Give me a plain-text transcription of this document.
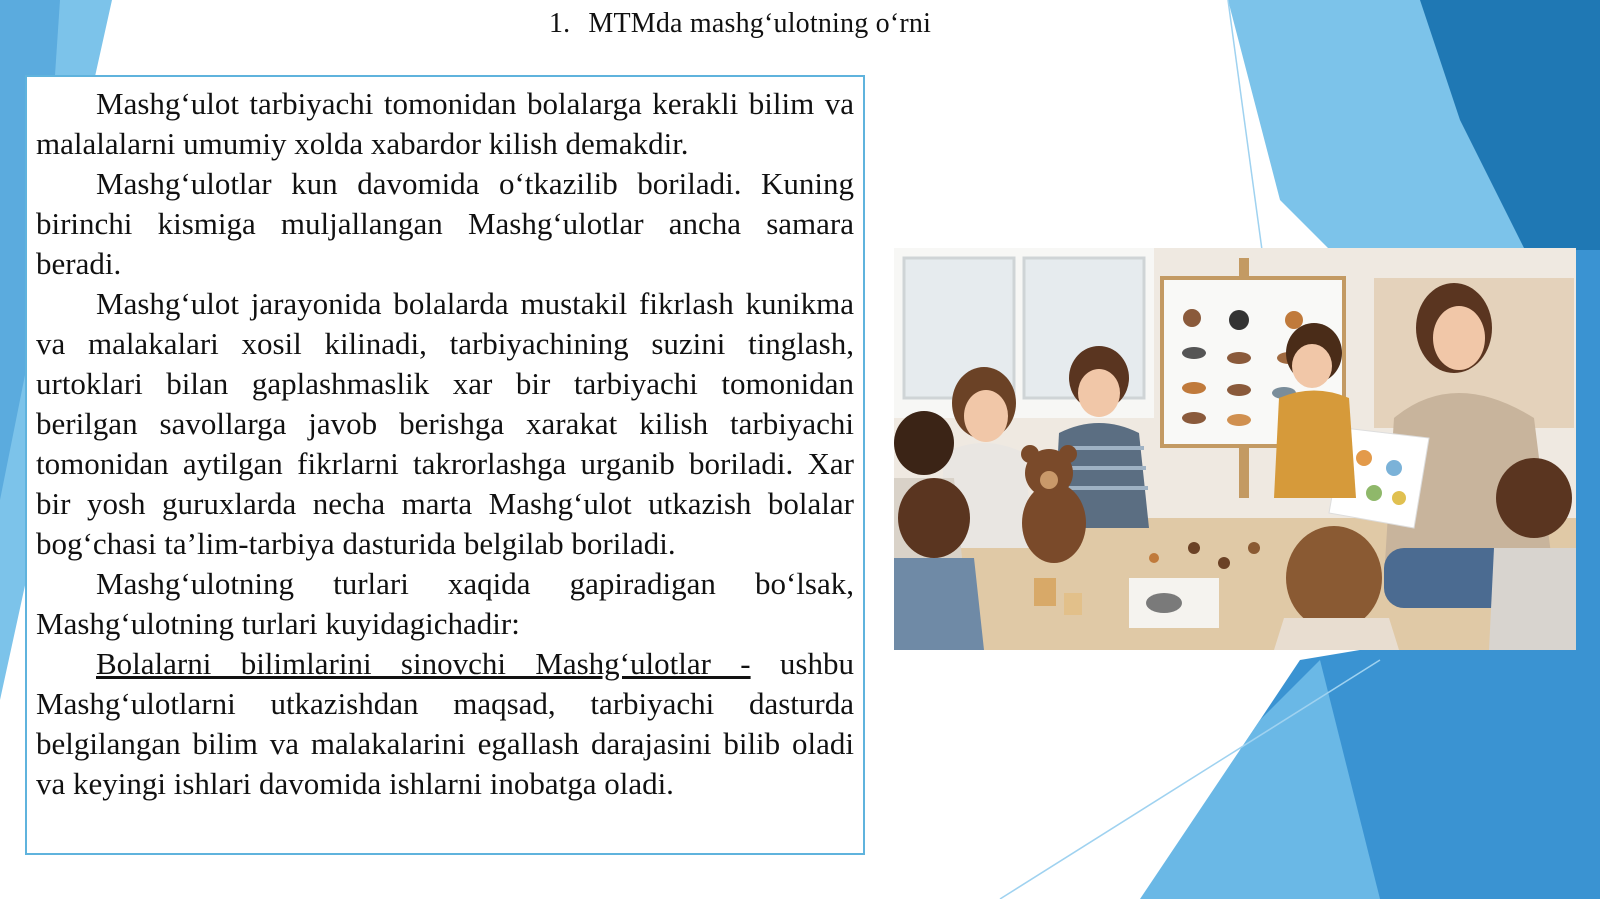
1. MTMda mashg‘ulotning o‘rni

Mashg‘ulot tarbiyachi tomonidan bolalarga kerakli bilim va malalalarni umumiy xolda xabardor kilish demakdir.

Mashg‘ulotlar kun davomida o‘tkazilib boriladi. Kuning birinchi kismiga muljallangan Mashg‘ulotlar ancha samara beradi.

Mashg‘ulot jarayonida bolalarda mustakil fikrlash kunikma va malakalari xosil kilinadi, tarbiyachining suzini tinglash, urtoklari bilan gaplashmaslik xar bir tarbiyachi tomonidan berilgan savollarga javob berishga xarakat kilish tarbiyachi tomonidan aytilgan fikrlarni takrorlashga urganib boriladi. Xar bir yosh guruxlarda necha marta Mashg‘ulot utkazish bolalar bog‘chasi ta’lim-tarbiya dasturida belgilab boriladi.

Mashg‘ulotning turlari xaqida gapiradigan bo‘lsak, Mashg‘ulotning turlari kuyidagichadir:

Bolalarni bilimlarini sinovchi Mashg‘ulotlar - ushbu Mashg‘ulotlarni utkazishdan maqsad, tarbiyachi dasturda belgilangan bilim va malakalarini egallash darajasini bilib oladi va keyingi ishlari davomida ishlarni inobatga oladi.
